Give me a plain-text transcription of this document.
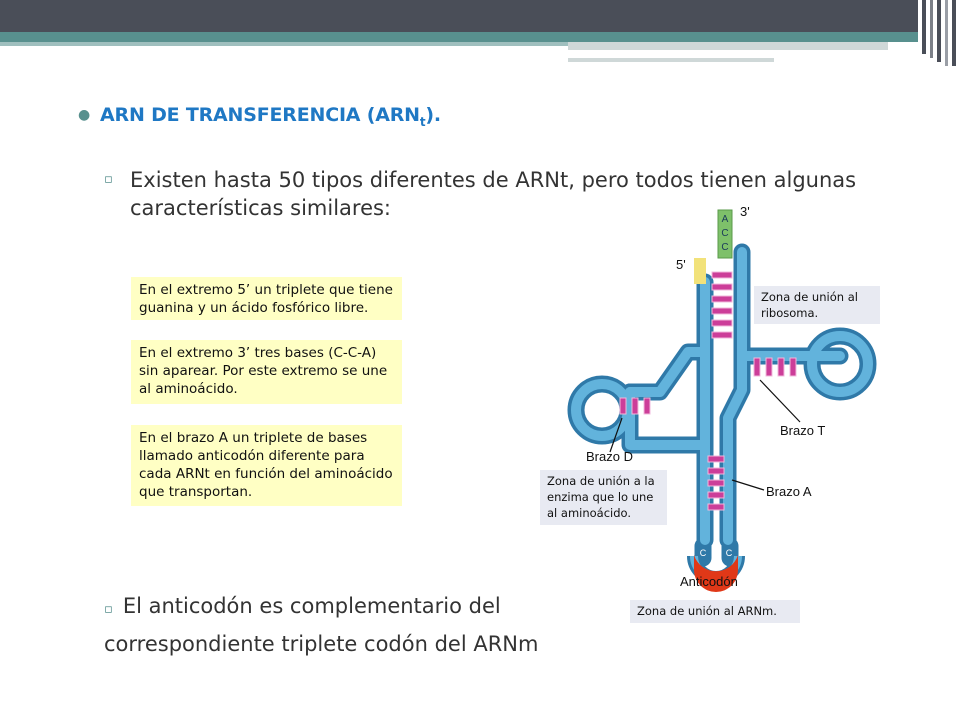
● ARN DE TRANSFERENCIA $(ARN_t)$.
▫ Existen hasta 50 tipos diferentes de ARNt, pero todos tienen algunas características similares:
En el extremo 5’ un triplete que tiene guanina y un ácido fosfórico libre.
En el extremo 3’ tres bases (C-C-A) sin aparear. Por este extremo se une al aminoácido.
En el brazo A un triplete de bases llamado anticodón diferente para cada ARNt en función del aminoácido que transportan.
A
C
C
C G C
3'
5'
Brazo T
Brazo D
Brazo A
Anticodón
Zona de unión al ribosoma.
Zona de unión a la enzima que lo une al aminoácido.
Zona de unión al ARNm.
▫ El anticodón es complementario del
correspondiente triplete codón del ARNm
